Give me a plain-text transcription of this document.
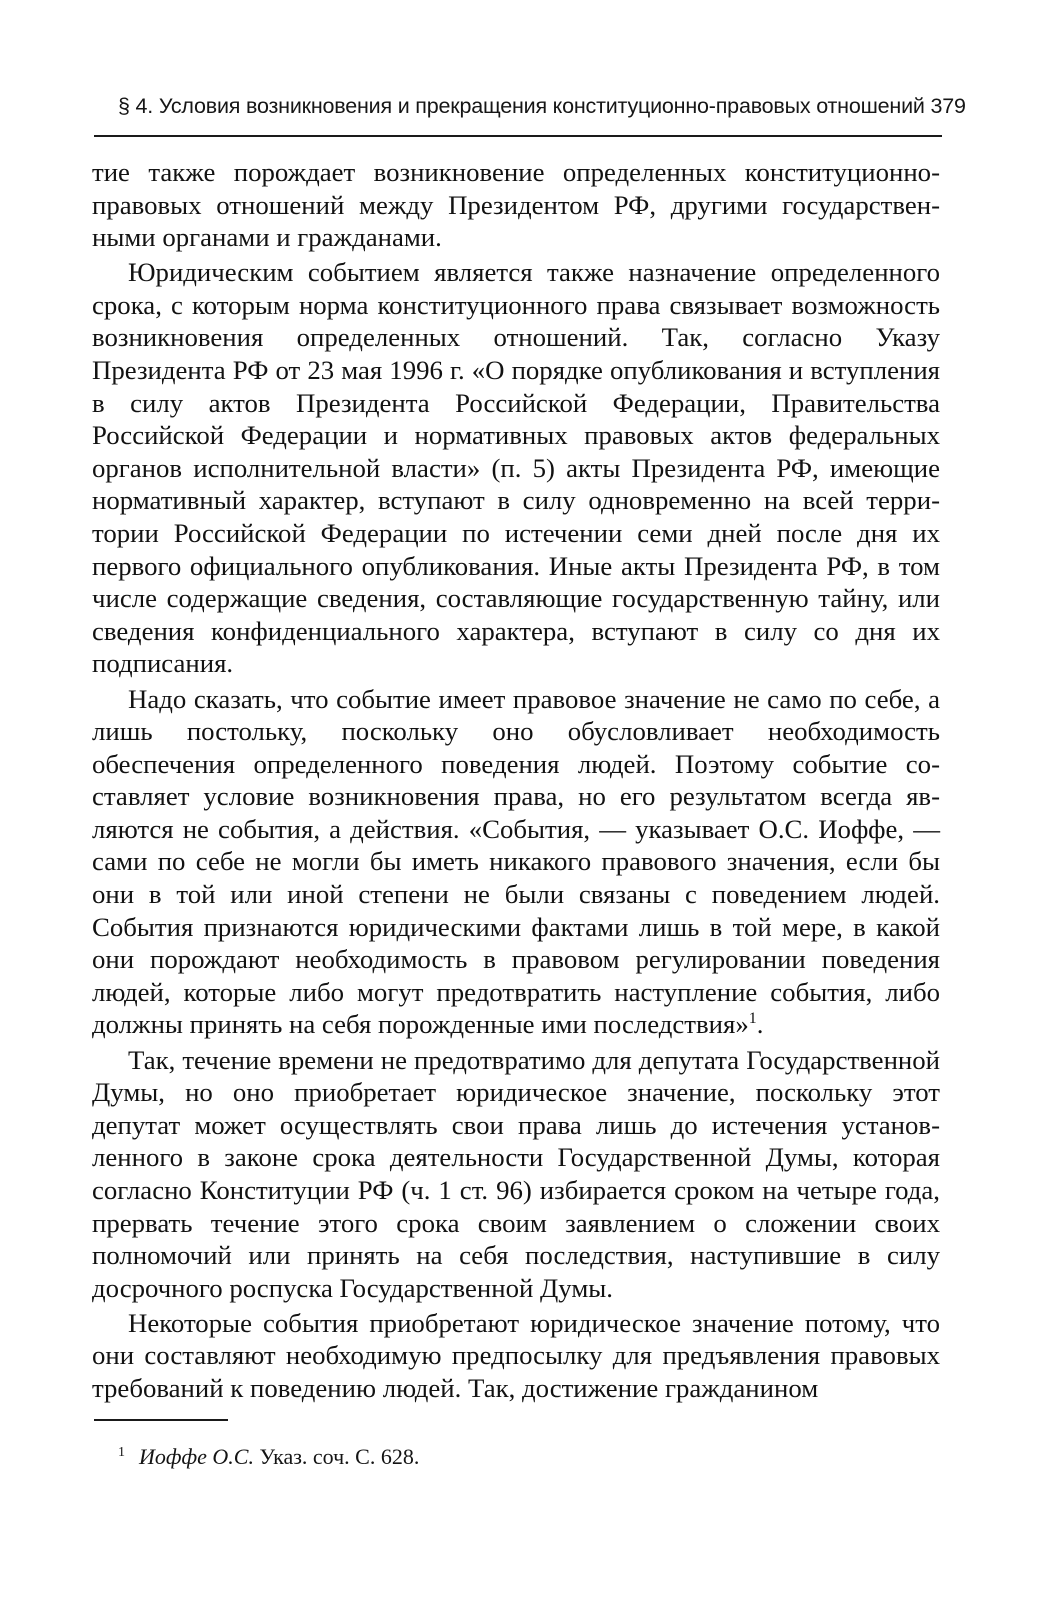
§ 4. Условия возникновения и прекращения конституционно-правовых отношений 379

тие также порождает возникновение определенных конституционно-правовых отношений между Президентом РФ, другими государственными органами и гражданами.

Юридическим событием является также назначение определенного срока, с которым норма конституционного права связывает возможность возникновения определенных отношений. Так, согласно Указу Президента РФ от 23 мая 1996 г. «О порядке опубликования и вступления в силу актов Президента Российской Федерации, Правительства Российской Федерации и нормативных правовых актов федеральных органов исполнительной власти» (п. 5) акты Президента РФ, имеющие нормативный характер, вступают в силу одновременно на всей территории Российской Федерации по истечении семи дней после дня их первого официального опубликования. Иные акты Президента РФ, в том числе содержащие сведения, составляющие государственную тайну, или сведения конфиденциального характера, вступают в силу со дня их подписания.

Надо сказать, что событие имеет правовое значение не само по себе, а лишь постольку, поскольку оно обусловливает необходимость обеспечения определенного поведения людей. Поэтому событие составляет условие возникновения права, но его результатом всегда являются не события, а действия. «События, — указывает О.С. Иоффе, — сами по себе не могли бы иметь никакого правового значения, если бы они в той или иной степени не были связаны с поведением людей. События признаются юридическими фактами лишь в той мере, в какой они порождают необходимость в правовом регулировании поведения людей, которые либо могут предотвратить наступление события, либо должны принять на себя порожденные ими последствия»$^1$.

Так, течение времени не предотвратимо для депутата Государственной Думы, но оно приобретает юридическое значение, поскольку этот депутат может осуществлять свои права лишь до истечения установленного в законе срока деятельности Государственной Думы, которая согласно Конституции РФ (ч. 1 ст. 96) избирается сроком на четыре года, прервать течение этого срока своим заявлением о сложении своих полномочий или принять на себя последствия, наступившие в силу досрочного роспуска Государственной Думы.

Некоторые события приобретают юридическое значение потому, что они составляют необходимую предпосылку для предъявления правовых требований к поведению людей. Так, достижение гражданином

$^1$ Иоффе О.С. Указ. соч. С. 628.
